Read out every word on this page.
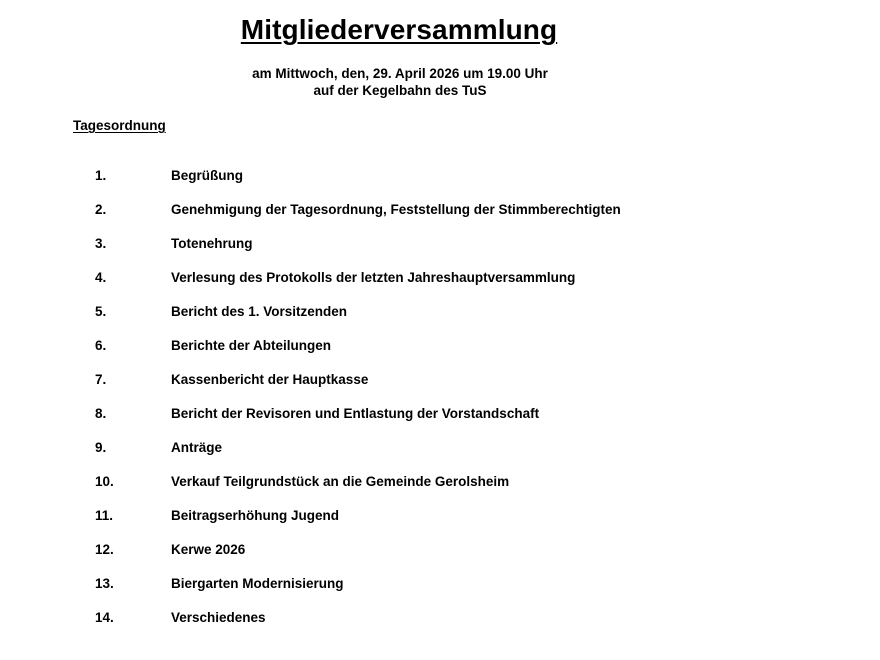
Mitgliederversammlung
am Mittwoch, den, 29. April 2026 um 19.00 Uhr
auf der Kegelbahn des TuS
Tagesordnung
1.	Begrüßung
2.	Genehmigung der Tagesordnung, Feststellung der Stimmberechtigten
3.	Totenehrung
4.	Verlesung des Protokolls der letzten Jahreshauptversammlung
5.	Bericht des 1. Vorsitzenden
6.	Berichte der Abteilungen
7.	Kassenbericht der Hauptkasse
8.	Bericht der Revisoren und Entlastung der Vorstandschaft
9.	Anträge
10.	Verkauf Teilgrundstück an die Gemeinde Gerolsheim
11.	Beitragserhöhung Jugend
12.	Kerwe 2026
13.	Biergarten Modernisierung
14.	Verschiedenes
